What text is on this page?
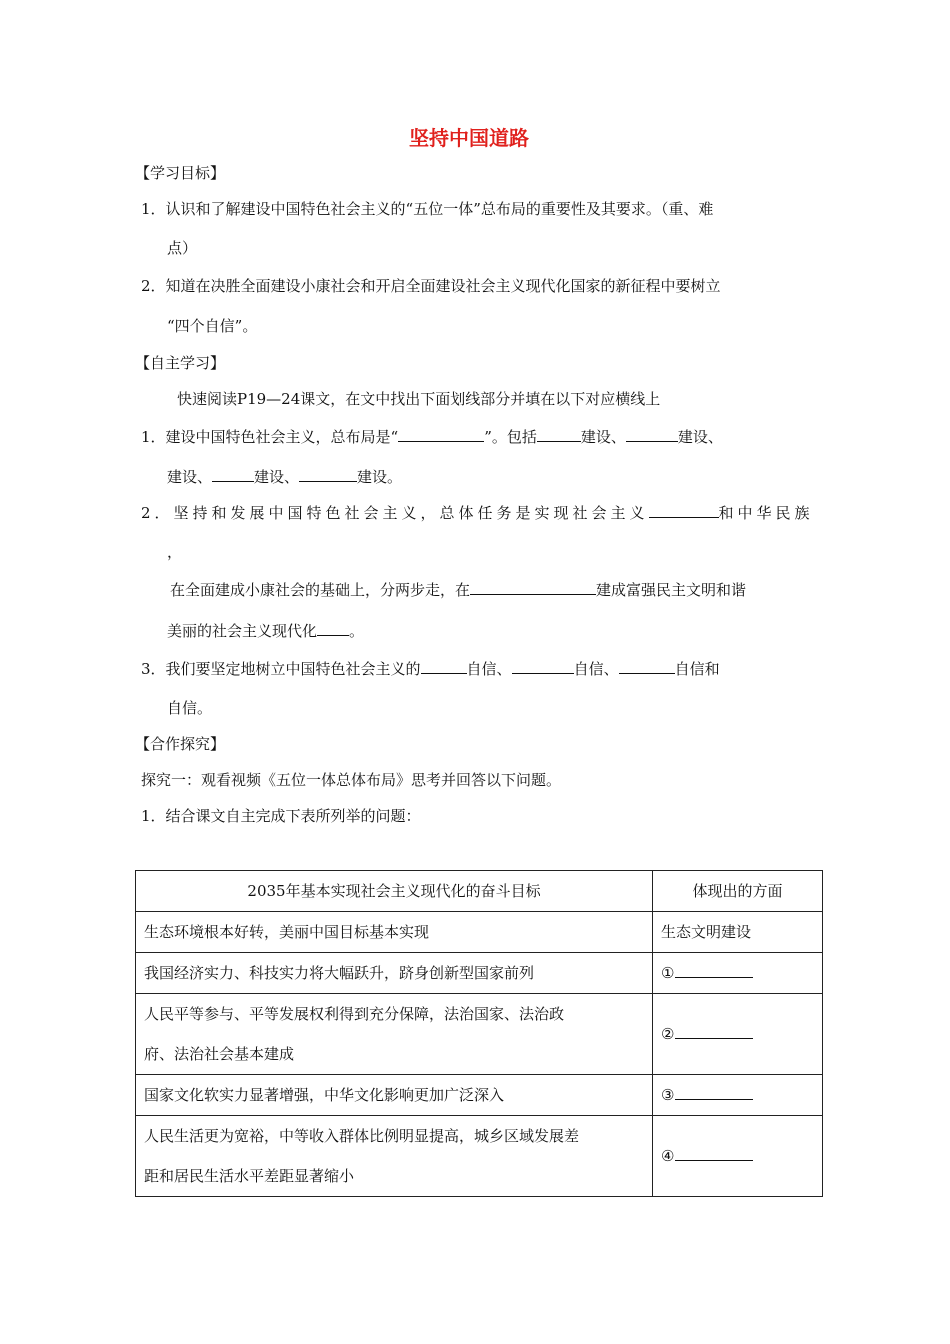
坚持中国道路
【学习目标】
1．认识和了解建设中国特色社会主义的“五位一体”总布局的重要性及其要求。（重、难
点）
2．知道在决胜全面建设小康社会和开启全面建设社会主义现代化国家的新征程中要树立
“四个自信”。
【自主学习】
快速阅读P19—24课文，在文中找出下面划线部分并填在以下对应横线上
1．建设中国特色社会主义，总布局是“	”。包括	建设、	建设、
建设、	建设、	建设。
2．坚持和发展中国特色社会主义，总体任务是实现社会主义	和中华民族
，
在全面建成小康社会的基础上，分两步走，在	建成富强民主文明和谐
美丽的社会主义现代化 。
3．我们要坚定地树立中国特色社会主义的	自信、	自信、	自信和
自信。
【合作探究】
探究一：观看视频《五位一体总体布局》思考并回答以下问题。
1．结合课文自主完成下表所列举的问题：
2035年基本实现社会主义现代化的奋斗目标	体现出的方面
生态环境根本好转，美丽中国目标基本实现	生态文明建设
我国经济实力、科技实力将大幅跃升，跻身创新型国家前列	①

人民平等参与、平等发展权利得到充分保障，法治国家、法治政
府、法治社会基本建成	②
国家文化软实力显著增强，中华文化影响更加广泛深入	③

人民生活更为宽裕，中等收入群体比例明显提高，城乡区域发展差
距和居民生活水平差距显著缩小	④
